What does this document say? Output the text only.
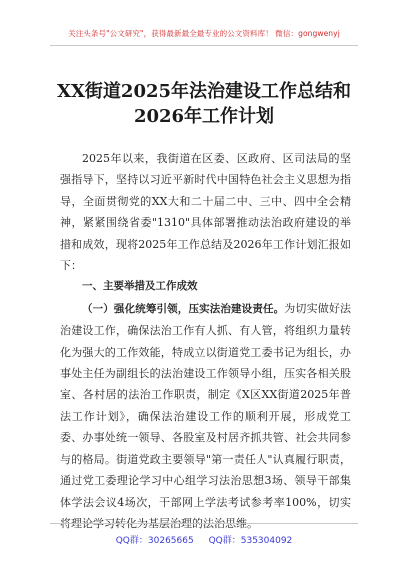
关注头条号"公文研究"，获得最新最全最专业的公文资料库！ 微信：gongwenyj
XX街道2025年法治建设工作总结和
2026年工作计划

2025年以来，我街道在区委、区政府、区司法局的坚强指导下，坚持以习近平新时代中国特色社会主义思想为指导，全面贯彻党的XX大和二十届二中、三中、四中全会精神，紧紧围绕省委"1310"具体部署推动法治政府建设的举措和成效，现将2025年工作总结及2026年工作计划汇报如下：

一、主要举措及工作成效

（一）强化统筹引领，压实法治建设责任。为切实做好法治建设工作，确保法治工作有人抓、有人管，将组织力量转化为强大的工作效能，特成立以街道党工委书记为组长，办事处主任为副组长的法治建设工作领导小组，压实各相关股室、各村居的法治工作职责，制定《X区XX街道2025年普法工作计划》，确保法治建设工作的顺利开展，形成党工委、办事处统一领导、各股室及村居齐抓共管、社会共同参与的格局。街道党政主要领导"第一责任人"认真履行职责，通过党工委理论学习中心组学习法治思想3场、领导干部集体学法会议4场次，干部网上学法考试参考率100%，切实将理论学习转化为基层治理的法治思维。

QQ群：30265665 QQ群：535304092
